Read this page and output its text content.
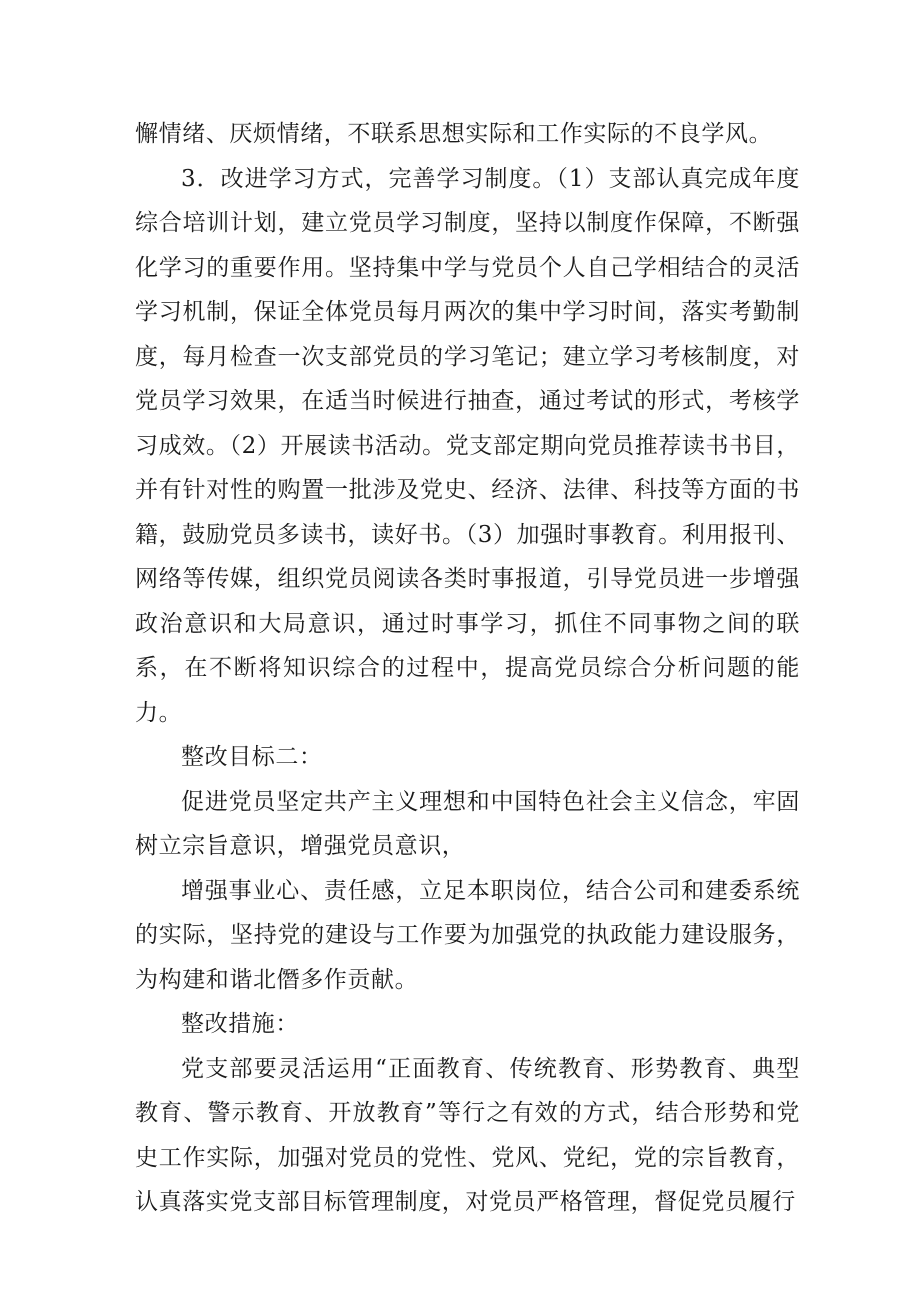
懈情绪、厌烦情绪，不联系思想实际和工作实际的不良学风。

3．改进学习方式，完善学习制度。（1）支部认真完成年度综合培训计划，建立党员学习制度，坚持以制度作保障，不断强化学习的重要作用。坚持集中学与党员个人自己学相结合的灵活学习机制，保证全体党员每月两次的集中学习时间，落实考勤制度，每月检查一次支部党员的学习笔记；建立学习考核制度，对党员学习效果，在适当时候进行抽查，通过考试的形式，考核学习成效。（2）开展读书活动。党支部定期向党员推荐读书书目，并有针对性的购置一批涉及党史、经济、法律、科技等方面的书籍，鼓励党员多读书，读好书。（3）加强时事教育。利用报刊、网络等传媒，组织党员阅读各类时事报道，引导党员进一步增强政治意识和大局意识，通过时事学习，抓住不同事物之间的联系，在不断将知识综合的过程中，提高党员综合分析问题的能力。

整改目标二：

促进党员坚定共产主义理想和中国特色社会主义信念，牢固树立宗旨意识，增强党员意识，

增强事业心、责任感，立足本职岗位，结合公司和建委系统的实际，坚持党的建设与工作要为加强党的执政能力建设服务，为构建和谐北僭多作贡献。

整改措施：

党支部要灵活运用“正面教育、传统教育、形势教育、典型教育、警示教育、开放教育”等行之有效的方式，结合形势和党史工作实际，加强对党员的党性、党风、党纪，党的宗旨教育，认真落实党支部目标管理制度，对党员严格管理，督促党员履行
